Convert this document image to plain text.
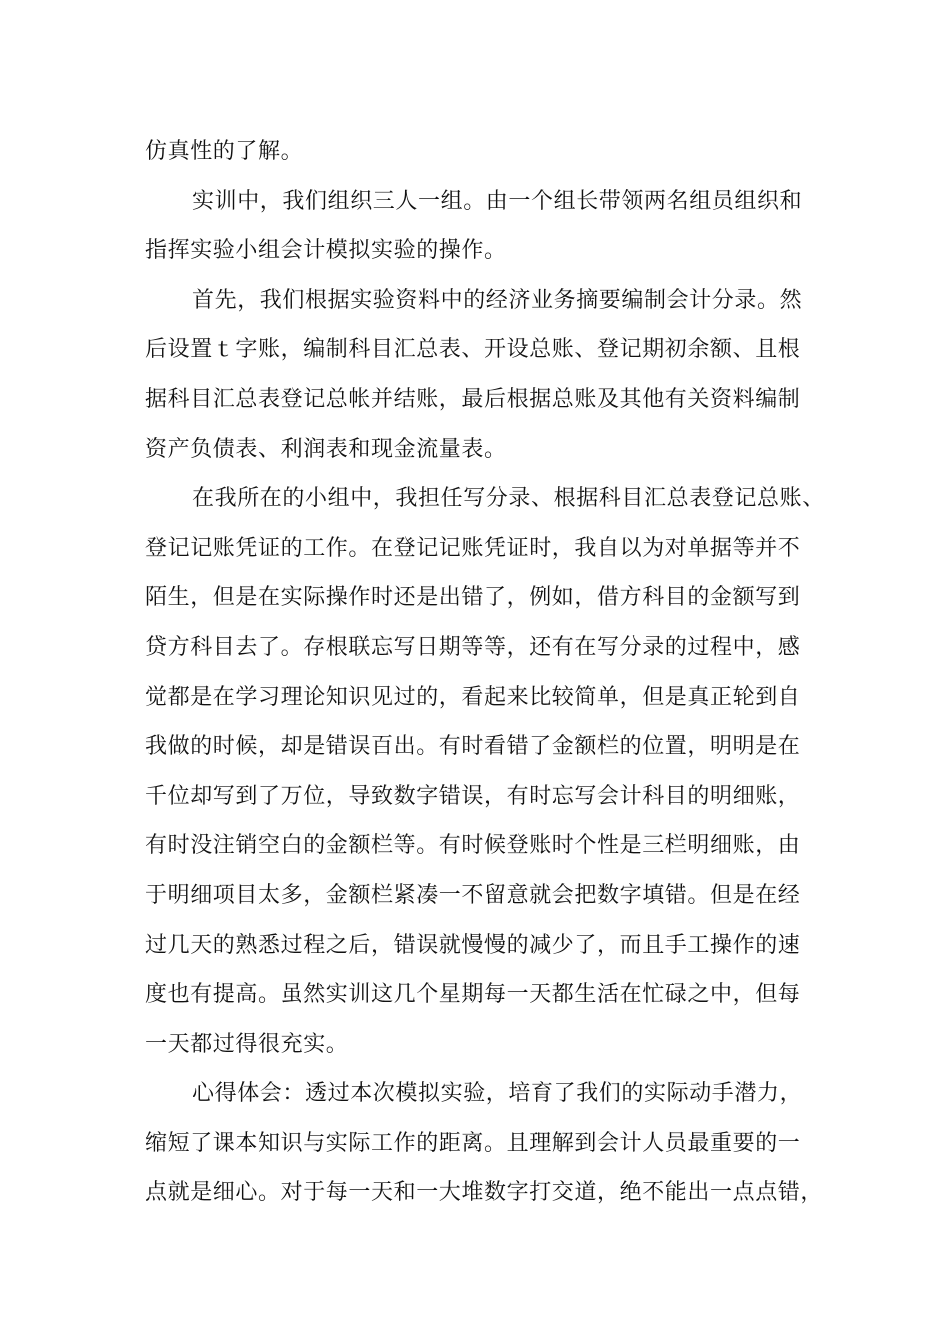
仿真性的了解。
实训中，我们组织三人一组。由一个组长带领两名组员组织和
指挥实验小组会计模拟实验的操作。
首先，我们根据实验资料中的经济业务摘要编制会计分录。然
后设置ｔ字账，编制科目汇总表、开设总账、登记期初余额、且根
据科目汇总表登记总帐并结账，最后根据总账及其他有关资料编制
资产负债表、利润表和现金流量表。
在我所在的小组中，我担任写分录、根据科目汇总表登记总账、
登记记账凭证的工作。在登记记账凭证时，我自以为对单据等并不
陌生，但是在实际操作时还是出错了，例如，借方科目的金额写到
贷方科目去了。存根联忘写日期等等，还有在写分录的过程中，感
觉都是在学习理论知识见过的，看起来比较简单，但是真正轮到自
我做的时候，却是错误百出。有时看错了金额栏的位置，明明是在
千位却写到了万位，导致数字错误，有时忘写会计科目的明细账，
有时没注销空白的金额栏等。有时候登账时个性是三栏明细账，由
于明细项目太多，金额栏紧凑一不留意就会把数字填错。但是在经
过几天的熟悉过程之后，错误就慢慢的减少了，而且手工操作的速
度也有提高。虽然实训这几个星期每一天都生活在忙碌之中，但每
一天都过得很充实。
心得体会：透过本次模拟实验，培育了我们的实际动手潜力，
缩短了课本知识与实际工作的距离。且理解到会计人员最重要的一
点就是细心。对于每一天和一大堆数字打交道，绝不能出一点点错，
